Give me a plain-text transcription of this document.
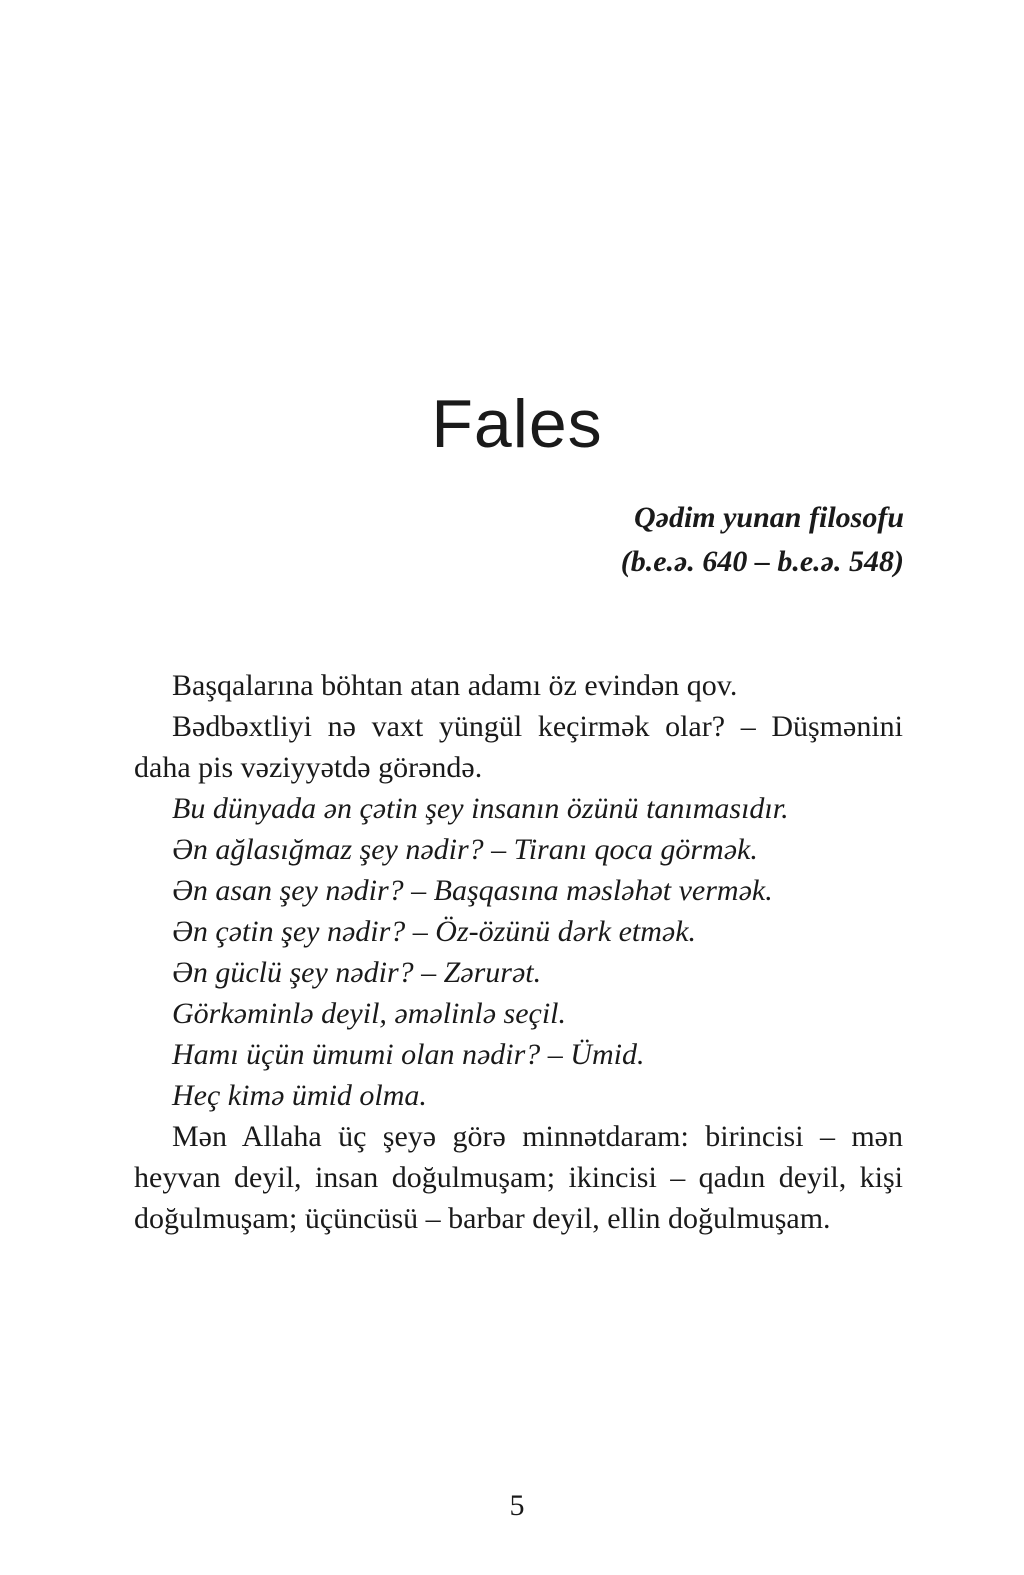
Fales
Qədim yunan filosofu
(b.e.ə. 640 – b.e.ə. 548)

Başqalarına böhtan atan adamı öz evindən qov.

Bədbəxtliyi nə vaxt yüngül keçirmək olar? – Düşmənini daha pis vəziyyətdə görəndə.

Bu dünyada ən çətin şey insanın özünü tanımasıdır.

Ən ağlasığmaz şey nədir? – Tiranı qoca görmək.

Ən asan şey nədir? – Başqasına məsləhət vermək.

Ən çətin şey nədir? – Öz-özünü dərk etmək.

Ən güclü şey nədir? – Zərurət.

Görkəminlə deyil, əməlinlə seçil.

Hamı üçün ümumi olan nədir? – Ümid.

Heç kimə ümid olma.

Mən Allaha üç şeyə görə minnətdaram: birincisi – mən heyvan deyil, insan doğulmuşam; ikincisi – qadın deyil, kişi doğulmuşam; üçüncüsü – barbar deyil, ellin doğulmuşam.

5
